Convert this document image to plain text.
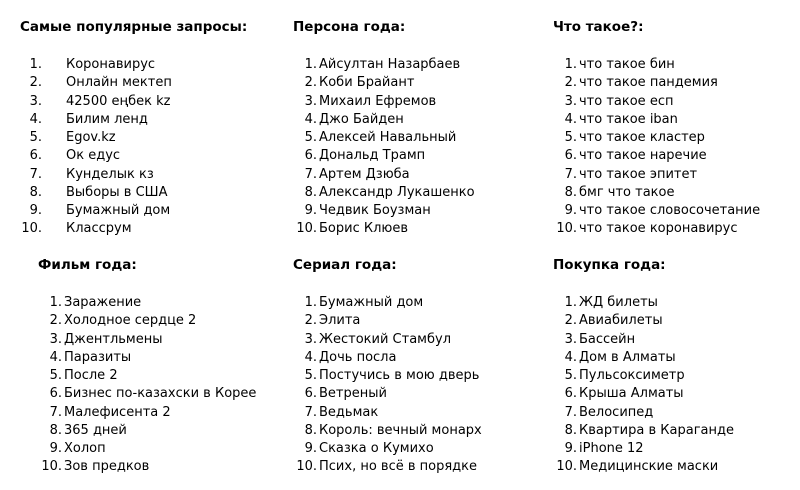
Самые популярные запросы:
1. Коронавирус
2. Онлайн мектеп
3. 42500 еңбек kz
4. Билим ленд
5. Egov.kz
6. Ок едус
7. Кунделык кз
8. Выборы в США
9. Бумажный дом
10. Классрум
Персона года:
1. Айсултан Назарбаев
2. Коби Брайант
3. Михаил Ефремов
4. Джо Байден
5. Алексей Навальный
6. Дональд Трамп
7. Артем Дзюба
8. Александр Лукашенко
9. Чедвик Боузман
10. Борис Клюев
Что такое?:
1. что такое бин
2. что такое пандемия
3. что такое есп
4. что такое iban
5. что такое кластер
6. что такое наречие
7. что такое эпитет
8. бмг что такое
9. что такое словосочетание
10. что такое коронавирус
Фильм года:
1. Заражение
2. Холодное сердце 2
3. Джентльмены
4. Паразиты
5. После 2
6. Бизнес по-казахски в Корее
7. Малефисента 2
8. 365 дней
9. Холоп
10. Зов предков
Сериал года:
1. Бумажный дом
2. Элита
3. Жестокий Стамбул
4. Дочь посла
5. Постучись в мою дверь
6. Ветреный
7. Ведьмак
8. Король: вечный монарх
9. Сказка о Кумихо
10. Псих, но всё в порядке
Покупка года:
1. ЖД билеты
2. Авиабилеты
3. Бассейн
4. Дом в Алматы
5. Пульсоксиметр
6. Крыша Алматы
7. Велосипед
8. Квартира в Караганде
9. iPhone 12
10. Медицинские маски
